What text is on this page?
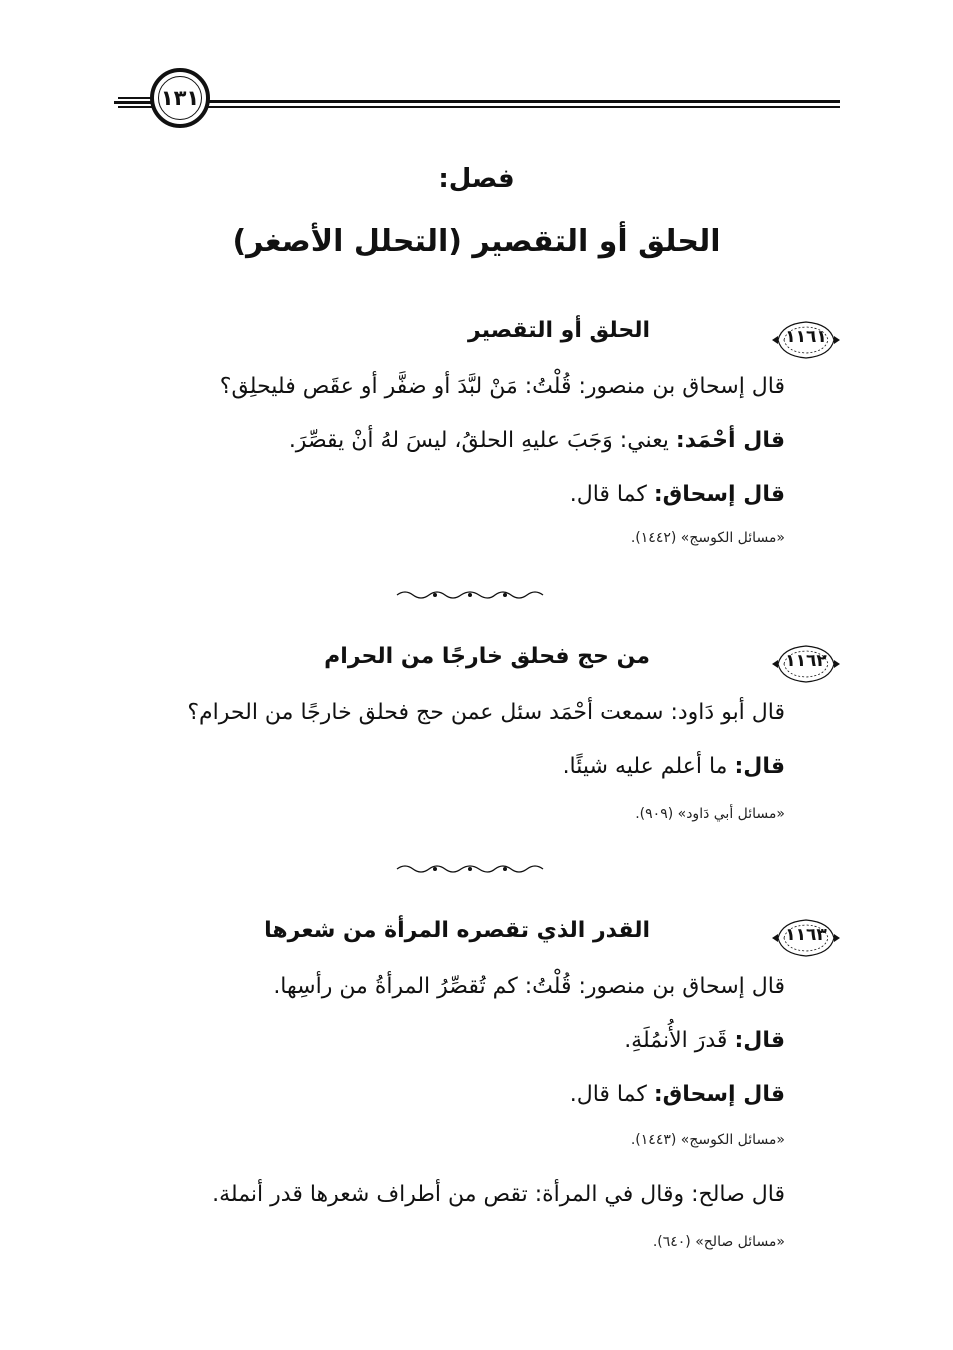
١٣١
فصل:
الحلق أو التقصير (التحلل الأصغر)
١١٦١
الحلق أو التقصير
قال إسحاق بن منصور: قُلْتُ: مَنْ لبَّدَ أو ضفَّر أو عقَص فليحلِق؟
قال أحْمَد: يعني: وَجَبَ عليهِ الحلقُ، ليسَ لهُ أنْ يقصِّرَ.
قال إسحاق: كما قال.
«مسائل الكوسج» (١٤٤٢).
١١٦٢
من حج فحلق خارجًا من الحرام
قال أبو دَاود: سمعت أحْمَد سئل عمن حج فحلق خارجًا من الحرام؟
قال: ما أعلم عليه شيئًا.
«مسائل أبي دَاود» (٩٠٩).
١١٦٣
القدر الذي تقصره المرأة من شعرها
قال إسحاق بن منصور: قُلْتُ: كم تُقصِّرُ المرأةُ من رأسِها.
قال: قَدرَ الأُنمُلَةِ.
قال إسحاق: كما قال.
«مسائل الكوسج» (١٤٤٣).
قال صالح: وقال في المرأة: تقص من أطراف شعرها قدر أنملة.
«مسائل صالح» (٦٤٠).
